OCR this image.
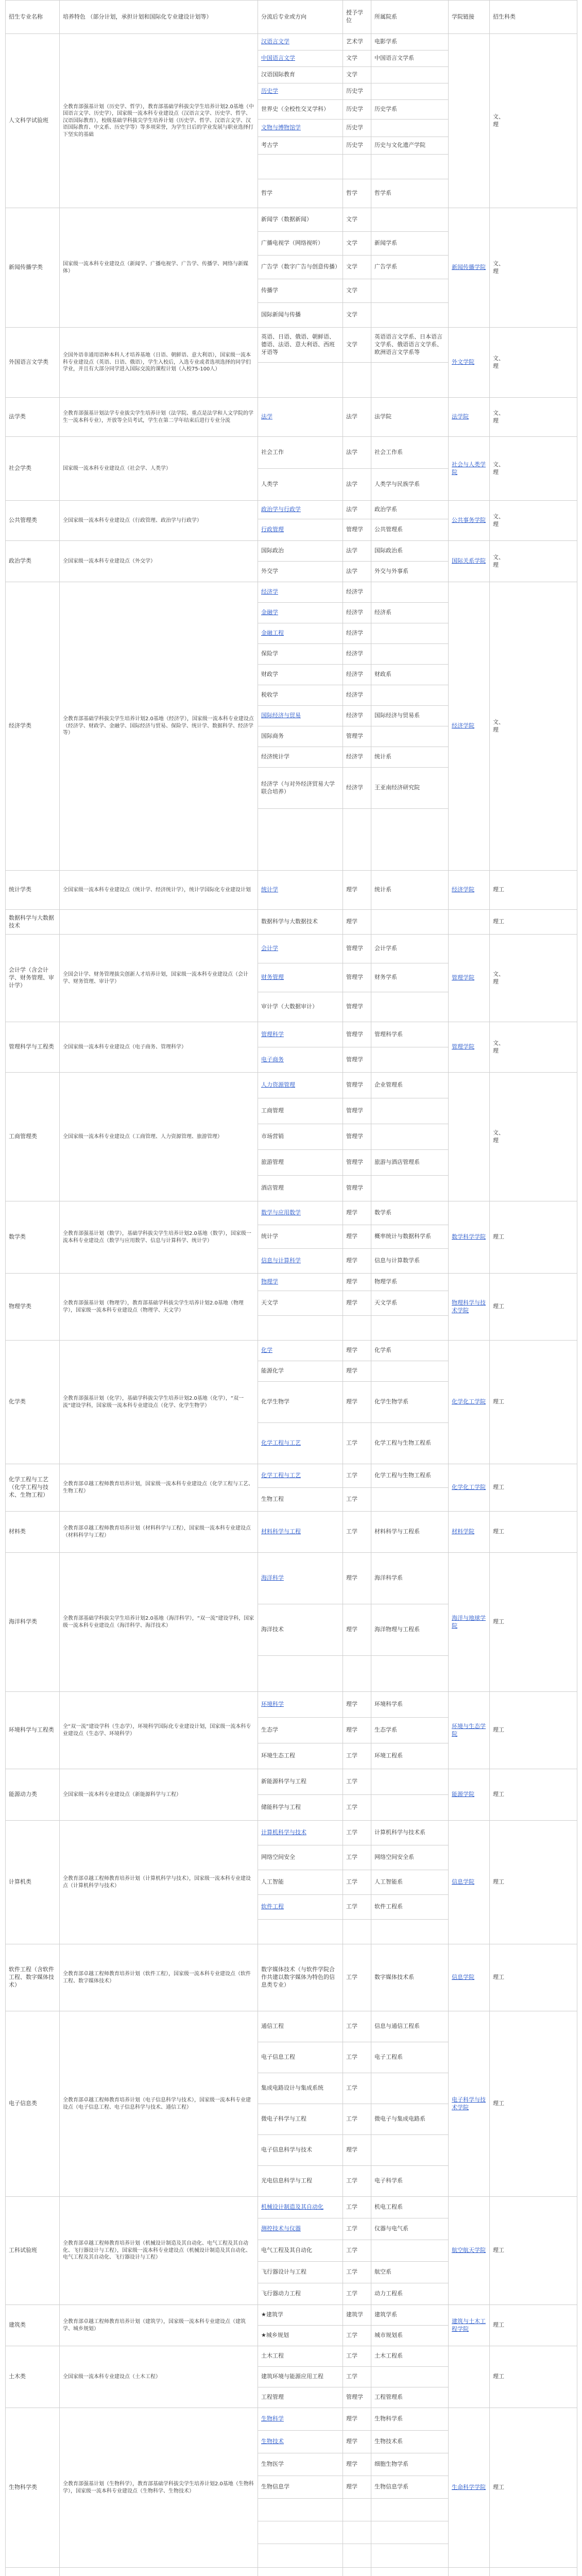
招生专业名称	培养特色 （部分计划，承担计划和国际化专业建设计划等）	分流后专业或方向	授予学位	所属院系	学院链接	招生科类
人文科学试验班	全教育部强基计划（历史学、哲学），教育部基础学科拔尖学生培养计划2.0基地（中国语言文学、历史学），国家级一流本科专业建设点（汉语言文学、历史学、哲学、汉语国际教育），校级基础学科拔尖学生培养计划（历史学、哲学、汉语言文学、汉语国际教育、中文系、历史学等）等多项荣誉，为学生日后的学业发展与职业选择打下坚实的基础	汉语言文学	艺术学	电影学系		文、
理
		中国语言文学	文学	中国语言文学系		
		汉语国际教育	文学			
		历史学	历史学			
		世界史（全校性交叉学科）	历史学	历史学系		
		文物与博物馆学	历史学			
		考古学	历史学	历史与文化遗产学院		

		哲学	哲学	哲学系		
新闻传播学类	国家级一流本科专业建设点（新闻学、广播电视学、广告学、传播学、网络与新媒体）	新闻学（数据新闻）	文学		新闻传播学院	文、
理
		广播电视学（网络视听）	文学	新闻学系		
		广告学（数字广告与创意传播）	文学	广告学系		
		传播学	文学			
		国际新闻与传播	文学			
外国语言文学类	全国外语非通用语种本科人才培养基地（日语、朝鲜语、意大利语），国家级一流本科专业建设点（英语、日语、俄语），学生入校后，入选专业或者选项选择的同学们学业，并且有大部分同学进入国际交流的课程计划（入校75-100人）	英语、日语、俄语、朝鲜语、德语、法语、意大利语、西班牙语等	文学	英语语言文学系、日本语言文学系、俄语语言文学系、欧洲语言文学系等	外文学院	文、
理

法学类	全教育部强基计划法学专业拔尖学生培养计划（法学院、重点是法学和人文学院的学生一流本科专业），开放等全员考试，学生在第二学年结束后进行专业分流	法学	法学	法学院	法学院	文、
理
社会学类	国家级一流本科专业建设点（社会学、人类学）	社会工作	法学	社会工作系	社会与人类学院	文、
理
		人类学	法学	人类学与民族学系		
公共管理类	全国家级一流本科专业建设点（行政管理、政治学与行政学）	政治学与行政学	法学	政治学系	公共事务学院	文、
理
		行政管理	管理学	公共管理系		
政治学类	全国家级一流本科专业建设点（外交学）	国际政治	法学	国际政治系	国际关系学院	文、
理
		外交学	法学	外交与外事系		
经济学类	全教育部基础学科拔尖学生培养计划2.0基地（经济学），国家级一流本科专业建设点（经济学、财政学、金融学、国际经济与贸易、保险学、统计学、数据科学、经济学等）	经济学	经济学		经济学院	文、
理
		金融学	经济学	经济系		
		金融工程	经济学			
		保险学	经济学			
		财政学	经济学	财政系		
		税收学	经济学			
		国际经济与贸易	经济学	国际经济与贸易系		
		国际商务	管理学			
		经济统计学	经济学	统计系		
		经济学（与对外经济贸易大学联合培养）	经济学	王亚南经济研究院		

统计学类	全国家级一流本科专业建设点（统计学、经济统计学），统计学国际化专业建设计划	统计学	理学	统计系	经济学院	理工
数据科学与大数据技术		数据科学与大数据技术	理学			理工
会计学（含会计学、财务管理、审计学）	全国会计学、财务管理拔尖创新人才培养计划，国家级一流本科专业建设点（会计学、财务管理、审计学）	会计学	管理学	会计学系	管理学院	文、
理
		财务管理	管理学	财务学系		
		审计学（大数据审计）	管理学			
管理科学与工程类	全国家级一流本科专业建设点（电子商务、管理科学）	管理科学	管理学	管理科学系	管理学院	文、
理
		电子商务	管理学			
工商管理类	全国家级一流本科专业建设点（工商管理、人力资源管理、旅游管理）	人力资源管理	管理学	企业管理系		文、
理
		工商管理	管理学			
		市场营销	管理学			
		旅游管理	管理学	旅游与酒店管理系		
		酒店管理	管理学			
数学类	全教育部强基计划（数学），基础学科拔尖学生培养计划2.0基地（数学），国家级一流本科专业建设点（数学与应用数学、信息与计算科学、统计学）	数学与应用数学	理学	数学系	数学科学学院	理工
		统计学	理学	概率统计与数据科学系		
		信息与计算科学	理学	信息与计算数学系		
物理学类	全教育部强基计划（物理学），教育部基础学科拔尖学生培养计划2.0基地（物理学），国家级一流本科专业建设点（物理学、天文学）	物理学	理学	物理学系	物理科学与技术学院	理工
		天文学	理学	天文学系		

化学类	全教育部强基计划（化学），基础学科拔尖学生培养计划2.0基地（化学），“双一流”建设学科，国家级一流本科专业建设点（化学、化学生物学）	化学	理学	化学系	化学化工学院	理工
		能源化学	理学			
		化学生物学	理学	化学生物学系		
		化学工程与工艺	工学	化学工程与生物工程系		
化学工程与工艺（化学工程与技术、生物工程）	全教育部卓越工程师教育培养计划，国家级一流本科专业建设点（化学工程与工艺、生物工程）	化学工程与工艺	工学	化学工程与生物工程系	化学化工学院	理工
		生物工程	工学			
材料类	全教育部卓越工程师教育培养计划（材料科学与工程），国家级一流本科专业建设点（材料科学与工程）	材料科学与工程	工学	材料科学与工程系	材料学院	理工
海洋科学类	全教育部基础学科拔尖学生培养计划2.0基地（海洋科学），“双一流”建设学科，国家级一流本科专业建设点（海洋科学、海洋技术）	海洋科学	理学	海洋科学系	海洋与地球学院	理工
		海洋技术	理学	海洋物理与工程系		

环境科学与工程类	全“双一流”建设学科（生态学），环境科学国际化专业建设计划，国家级一流本科专业建设点（生态学、环境科学）	环境科学	理学	环境科学系	环境与生态学院	理工
		生态学	理学	生态学系		
		环境生态工程	工学	环境工程系		
能源动力类	全国家级一流本科专业建设点（新能源科学与工程）	新能源科学与工程	工学		能源学院	理工
		储能科学与工程	工学			
计算机类	全教育部卓越工程师教育培养计划（计算机科学与技术），国家级一流本科专业建设点（计算机科学与技术）	计算机科学与技术	工学	计算机科学与技术系	信息学院	理工
		网络空间安全	工学	网络空间安全系		
		人工智能	工学	人工智能系		
		软件工程	工学	软件工程系		

软件工程（含软件工程、数字媒体技术）	全教育部卓越工程师教育培养计划（软件工程），国家级一流本科专业建设点（软件工程、数字媒体技术）	数字媒体技术（与软件学院合作共建以数字媒体为特色的信息类专业）	工学	数字媒体技术系	信息学院	理工
电子信息类	全教育部卓越工程师教育培养计划（电子信息科学与技术），国家级一流本科专业建设点（电子信息工程、电子信息科学与技术、通信工程）	通信工程	工学	信息与通信工程系	电子科学与技术学院	理工
		电子信息工程	工学	电子工程系		
		集成电路设计与集成系统	工学			
		微电子科学与工程	工学	微电子与集成电路系		
		电子信息科学与技术	理学			
		光电信息科学与工程	工学	电子科学系		
工科试验班	全教育部卓越工程师教育培养计划（机械设计制造及其自动化、电气工程及其自动化、飞行器设计与工程），国家级一流本科专业建设点（机械设计制造及其自动化、电气工程及其自动化、飞行器设计与工程）	机械设计制造及其自动化	工学	机电工程系	航空航天学院	理工
		测控技术与仪器	工学	仪器与电气系		
		电气工程及其自动化	工学			
		飞行器设计与工程	工学	航空系		
		飞行器动力工程	工学	动力工程系		
建筑类	全教育部卓越工程师教育培养计划（建筑学），国家级一流本科专业建设点（建筑学、城乡规划）	★建筑学	建筑学	建筑学系	建筑与土木工程学院	理工
		★城乡规划	工学	城市规划系		
土木类	全国家级一流本科专业建设点（土木工程）	土木工程	工学	土木工程系		理工
		建筑环境与能源应用工程	工学			
		工程管理	管理学	工程管理系		
生物科学类	全教育部强基计划（生物科学），教育部基础学科拔尖学生培养计划2.0基地（生物科学），国家级一流本科专业建设点（生物科学、生物技术）	生物科学	理学	生物科学系	生命科学学院	理工
		生物技术	理学	生物技术系		
		生物医学	理学	细胞生物学系		
		生物信息学	理学	生物信息学系		
